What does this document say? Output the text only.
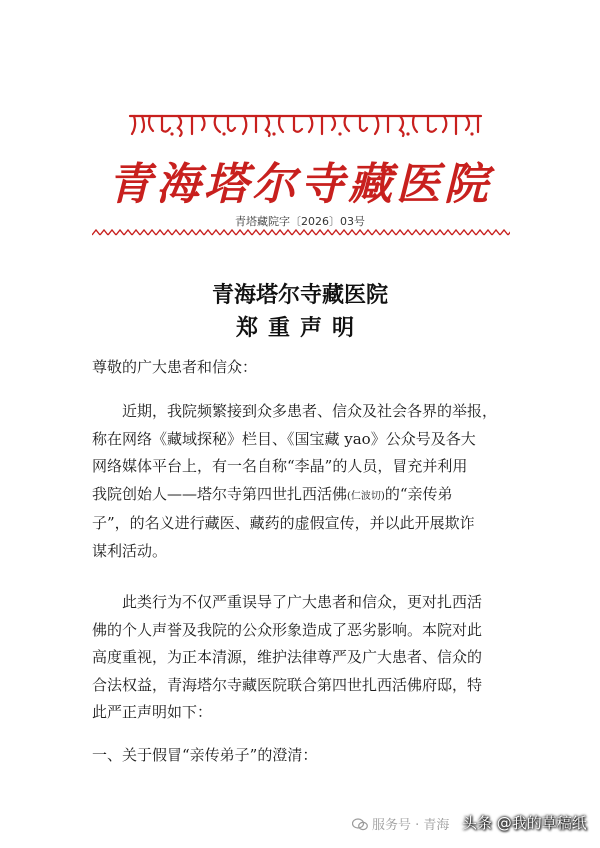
青海塔尔寺藏医院
青塔藏院字〔2026〕03号
青海塔尔寺藏医院
郑重声明
尊敬的广大患者和信众：
近期，我院频繁接到众多患者、信众及社会各界的举报，
称在网络《藏域探秘》栏目、《国宝藏 yao》公众号及各大
网络媒体平台上，有一名自称“李晶”的人员，冒充并利用
我院创始人——塔尔寺第四世扎西活佛(仁波切)的“亲传弟
子”，的名义进行藏医、藏药的虚假宣传，并以此开展欺诈
谋利活动。
此类行为不仅严重误导了广大患者和信众，更对扎西活
佛的个人声誉及我院的公众形象造成了恶劣影响。本院对此
高度重视，为正本清源，维护法律尊严及广大患者、信众的
合法权益，青海塔尔寺藏医院联合第四世扎西活佛府邸，特
此严正声明如下：
一、关于假冒“亲传弟子”的澄清：
服务号 · 青海 头条 @我的草稿纸
